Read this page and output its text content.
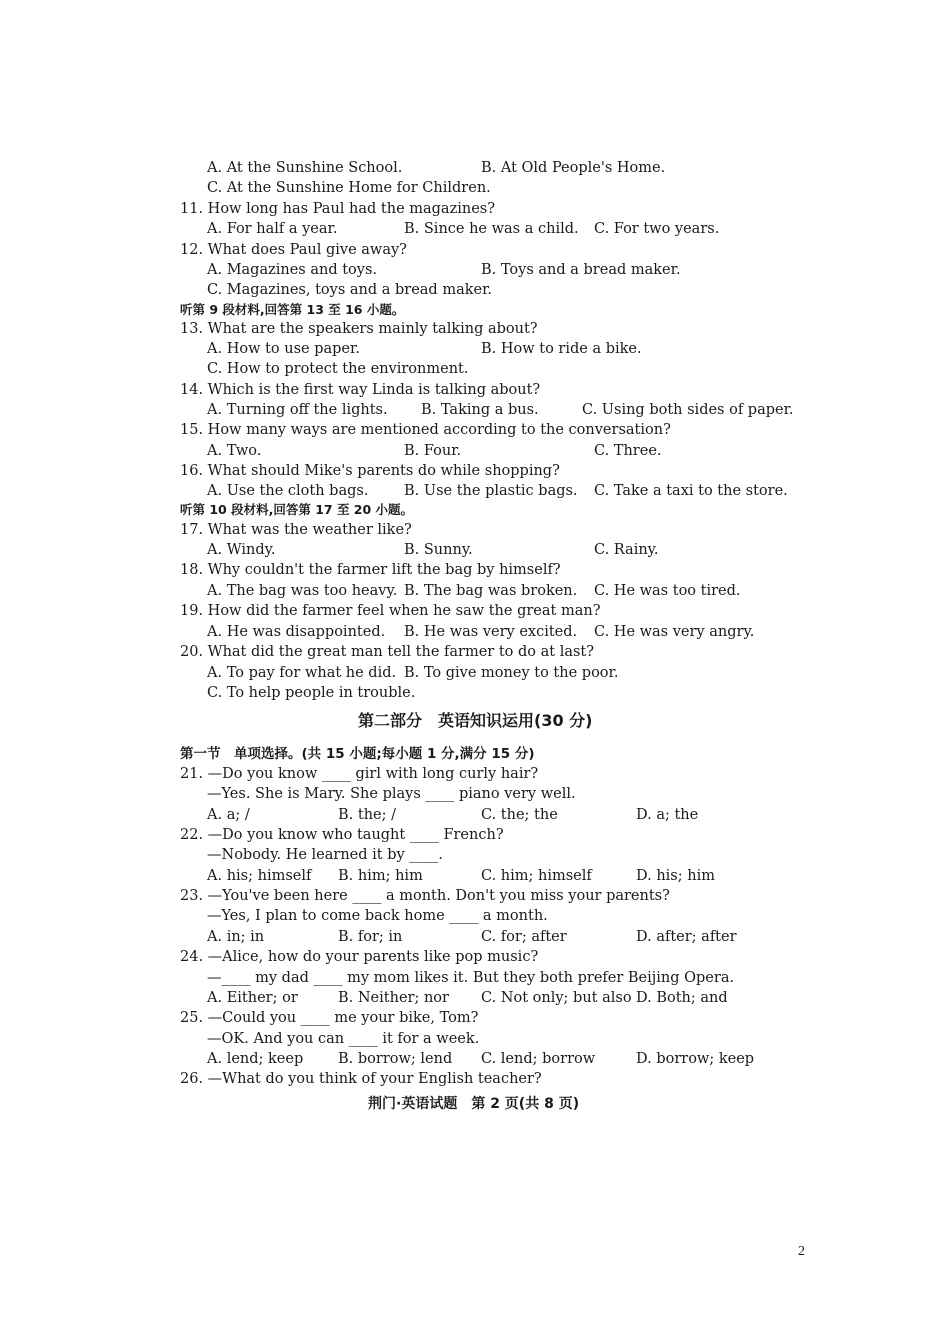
A. At the Sunshine School.	B. At Old People's Home.
C. At the Sunshine Home for Children.
11. How long has Paul had the magazines?
A. For half a year.	B. Since he was a child. C. For two years.
12. What does Paul give away?
A. Magazines and toys.	B. Toys and a bread maker.
C. Magazines, toys and a bread maker.
听第 9 段材料,回答第 13 至 16 小题。
13. What are the speakers mainly talking about?
A. How to use paper.	B. How to ride a bike.
C. How to protect the environment.
14. Which is the first way Linda is talking about?
A. Turning off the lights. B. Taking a bus.	C. Using both sides of paper.
15. How many ways are mentioned according to the conversation?
A. Two.	B. Four.	C. Three.
16. What should Mike's parents do while shopping?
A. Use the cloth bags. B. Use the plastic bags. C. Take a taxi to the store.
听第 10 段材料,回答第 17 至 20 小题。
17. What was the weather like?
A. Windy.	B. Sunny.	C. Rainy.
18. Why couldn't the farmer lift the bag by himself?
A. The bag was too heavy. B. The bag was broken. C. He was too tired.
19. How did the farmer feel when he saw the great man?
A. He was disappointed. B. He was very excited. C. He was very angry.
20. What did the great man tell the farmer to do at last?
A. To pay for what he did. B. To give money to the poor.
C. To help people in trouble.
第二部分　英语知识运用(30 分)
第一节　单项选择。(共 15 小题;每小题 1 分,满分 15 分)
21. —Do you know ____ girl with long curly hair?
—Yes. She is Mary. She plays ____ piano very well.
A. a; /	B. the; /	C. the; the	D. a; the
22. —Do you know who taught ____ French?
—Nobody. He learned it by ____.
A. his; himself B. him; him	C. him; himself	D. his; him
23. —You've been here ____ a month. Don't you miss your parents?
—Yes, I plan to come back home ____ a month.
A. in; in	B. for; in	C. for; after	D. after; after
24. —Alice, how do your parents like pop music?
—____ my dad ____ my mom likes it. But they both prefer Beijing Opera.
A. Either; or	B. Neither; nor C. Not only; but also D. Both; and
25. —Could you ____ me your bike, Tom?
—OK. And you can ____ it for a week.
A. lend; keep B. borrow; lend C. lend; borrow	D. borrow; keep
26. —What do you think of your English teacher?
荆门·英语试题　第 2 页(共 8 页)
2
